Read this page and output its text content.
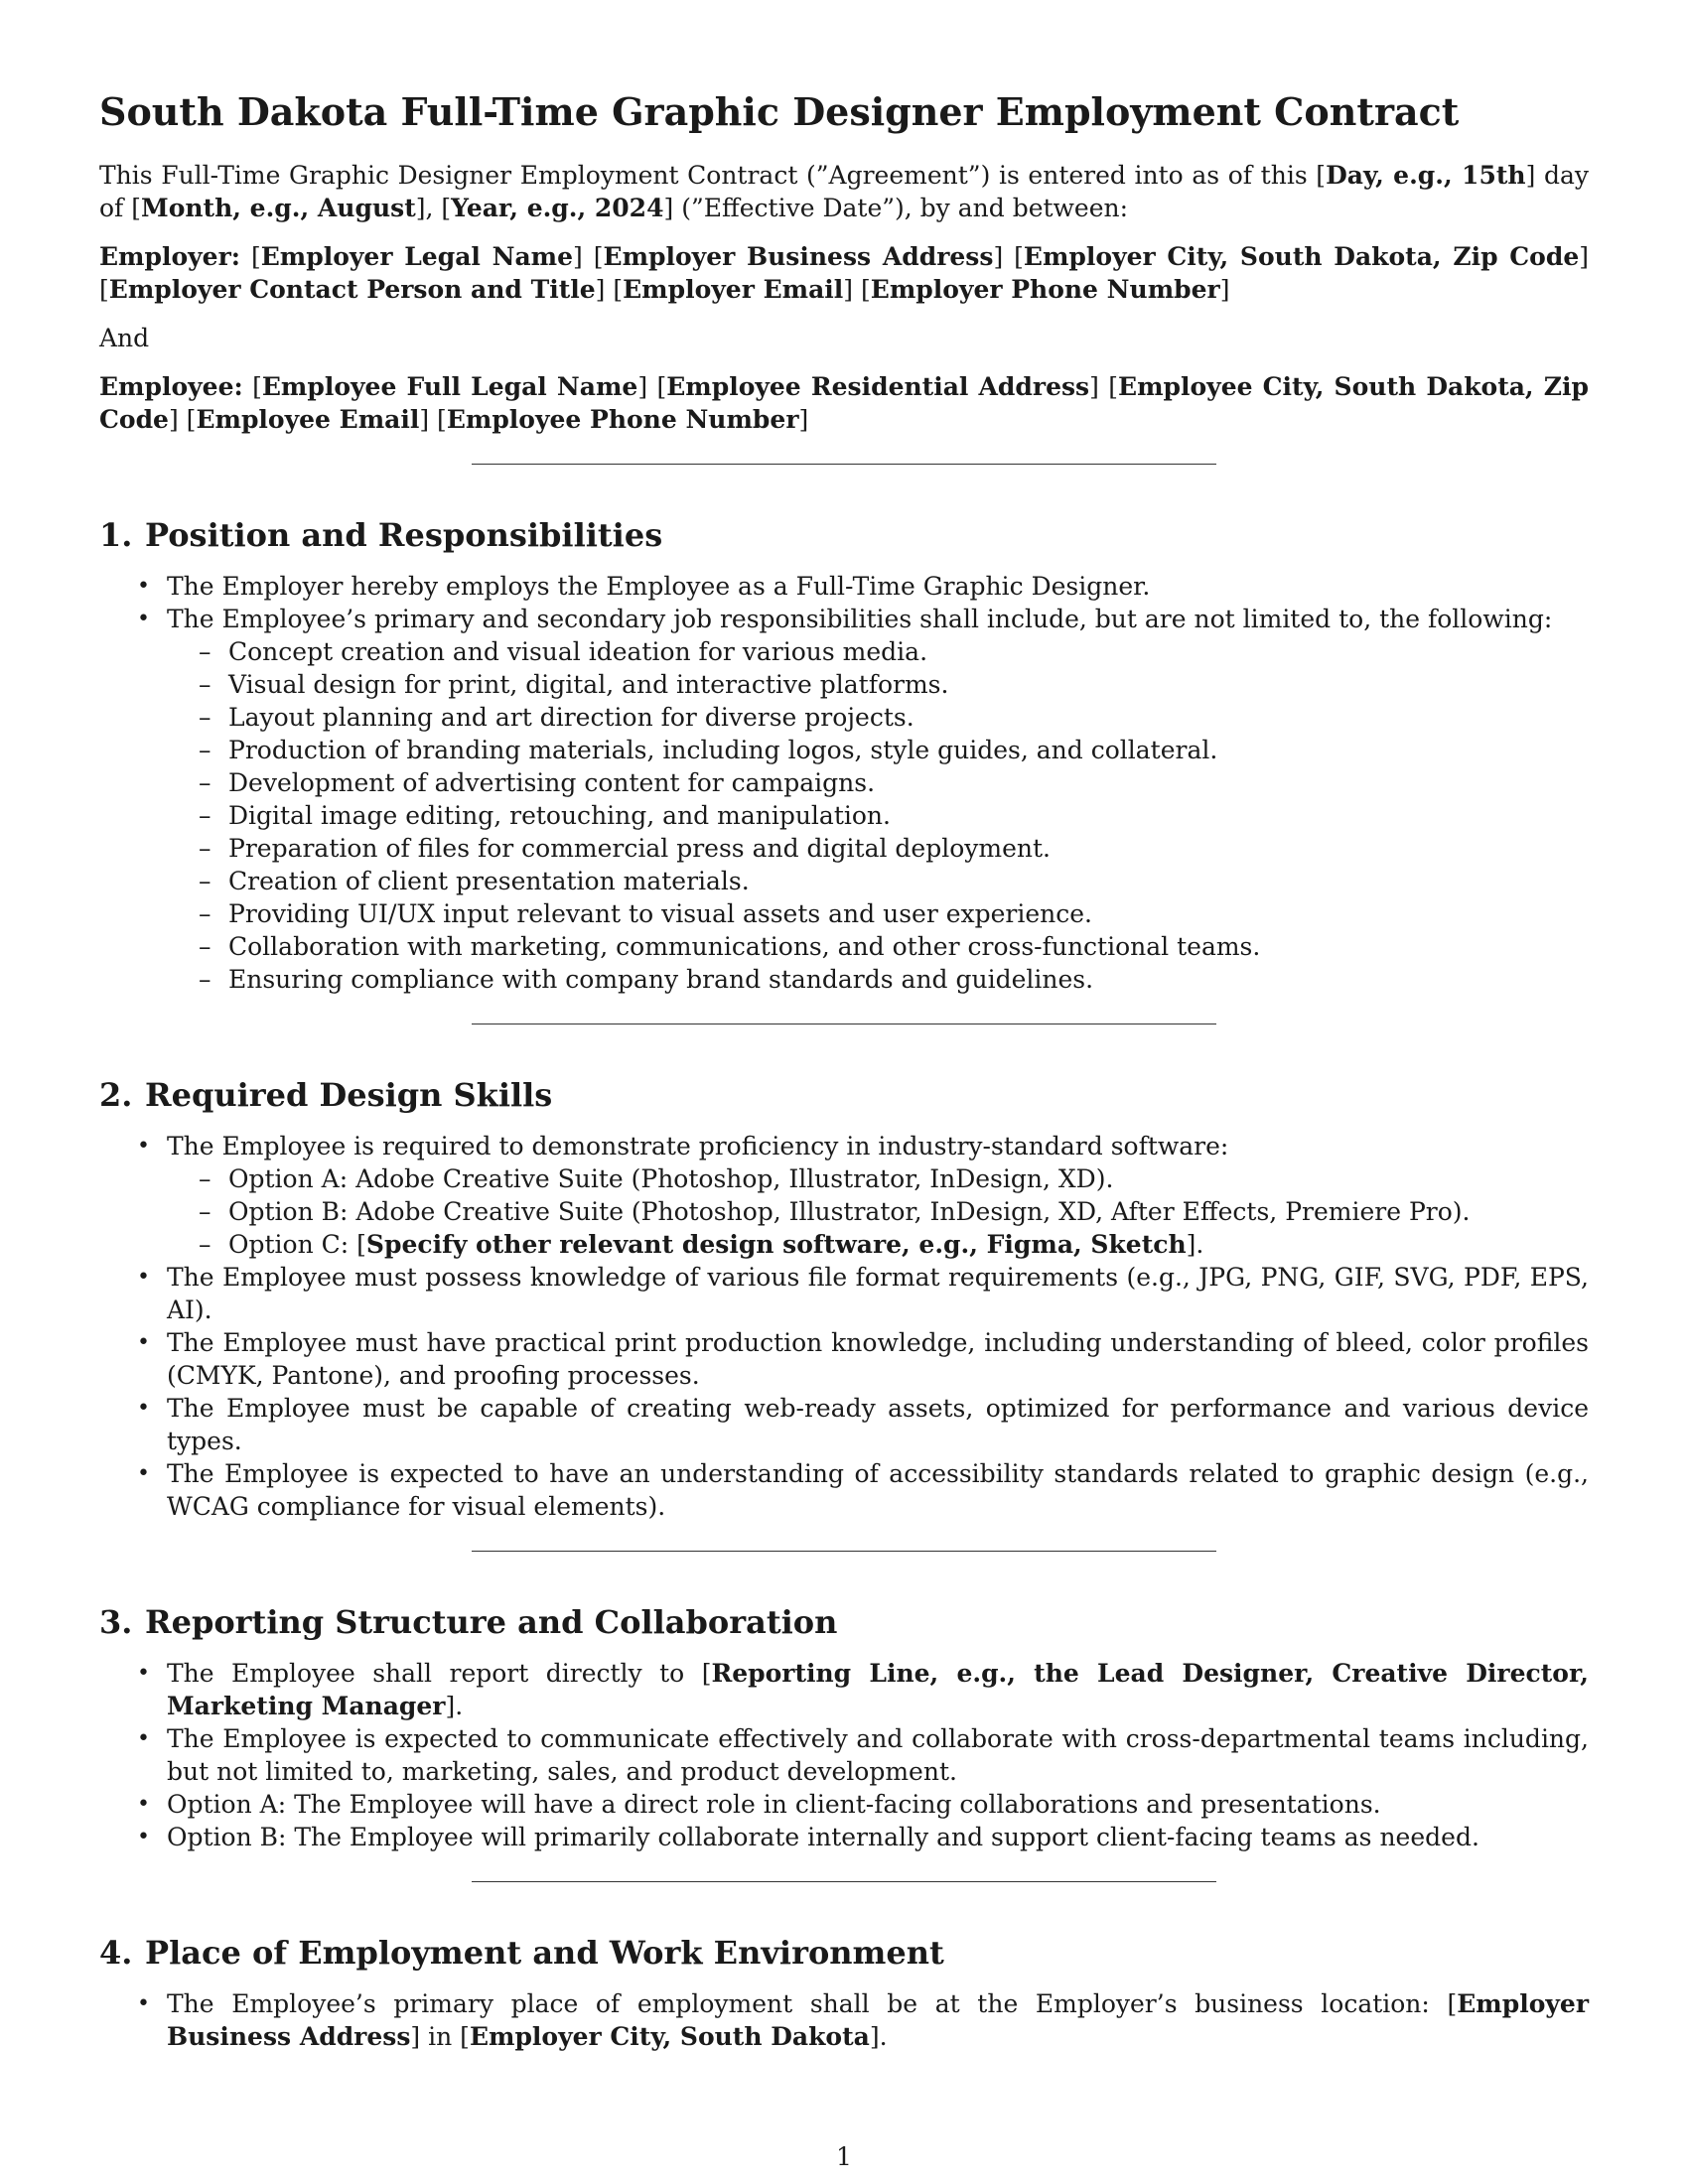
South Dakota Full-Time Graphic Designer Employment Contract

This Full-Time Graphic Designer Employment Contract (”Agreement”) is entered into as of this [Day, e.g., 15th] day of [Month, e.g., August], [Year, e.g., 2024] (”Effective Date”), by and between:

Employer: [Employer Legal Name] [Employer Business Address] [Employer City, South Dakota, Zip Code] [Employer Contact Person and Title] [Employer Email] [Employer Phone Number]

And

Employee: [Employee Full Legal Name] [Employee Residential Address] [Employee City, South Dakota, Zip Code] [Employee Email] [Employee Phone Number]

1. Position and Responsibilities
• The Employer hereby employs the Employee as a Full-Time Graphic Designer.
• The Employee’s primary and secondary job responsibilities shall include, but are not limited to, the following:
– Concept creation and visual ideation for various media.
– Visual design for print, digital, and interactive platforms.
– Layout planning and art direction for diverse projects.
– Production of branding materials, including logos, style guides, and collateral.
– Development of advertising content for campaigns.
– Digital image editing, retouching, and manipulation.
– Preparation of files for commercial press and digital deployment.
– Creation of client presentation materials.
– Providing UI/UX input relevant to visual assets and user experience.
– Collaboration with marketing, communications, and other cross-functional teams.
– Ensuring compliance with company brand standards and guidelines.
2. Required Design Skills
• The Employee is required to demonstrate proficiency in industry-standard software:
– Option A: Adobe Creative Suite (Photoshop, Illustrator, InDesign, XD).
– Option B: Adobe Creative Suite (Photoshop, Illustrator, InDesign, XD, After Effects, Premiere Pro).
– Option C: [Specify other relevant design software, e.g., Figma, Sketch].
• The Employee must possess knowledge of various file format requirements (e.g., JPG, PNG, GIF, SVG, PDF, EPS, AI).
• The Employee must have practical print production knowledge, including understanding of bleed, color profiles (CMYK, Pantone), and proofing processes.
• The Employee must be capable of creating web-ready assets, optimized for performance and various device types.
• The Employee is expected to have an understanding of accessibility standards related to graphic design (e.g., WCAG compliance for visual elements).
3. Reporting Structure and Collaboration
• The Employee shall report directly to [Reporting Line, e.g., the Lead Designer, Creative Director, Marketing Manager].
• The Employee is expected to communicate effectively and collaborate with cross-departmental teams including, but not limited to, marketing, sales, and product development.
• Option A: The Employee will have a direct role in client-facing collaborations and presentations.
• Option B: The Employee will primarily collaborate internally and support client-facing teams as needed.
4. Place of Employment and Work Environment
• The Employee’s primary place of employment shall be at the Employer’s business location: [Employer Business Address] in [Employer City, South Dakota].
1
